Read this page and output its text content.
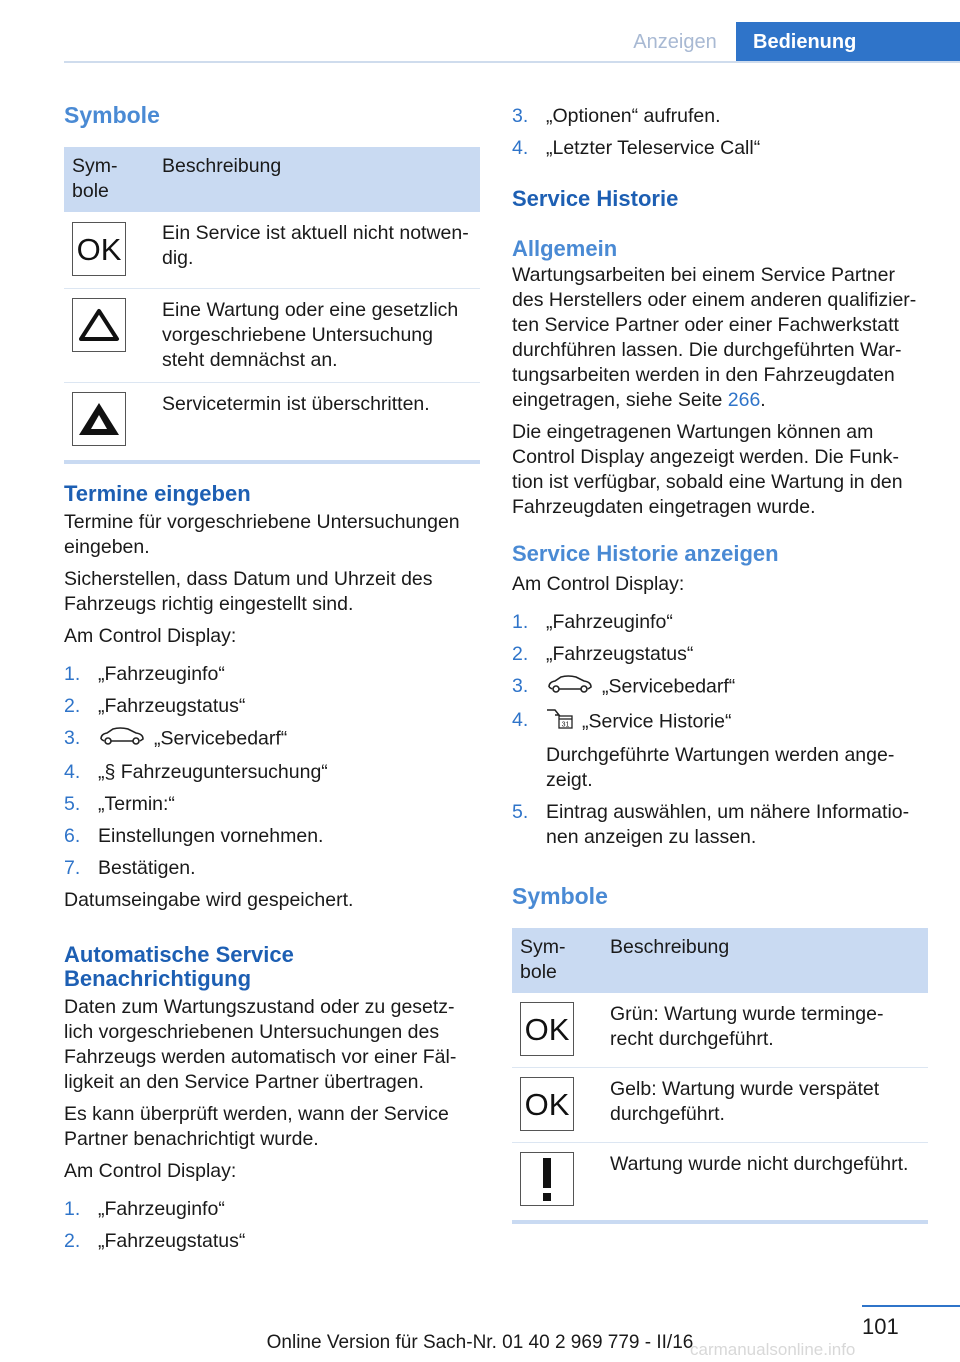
Anzeigen	Bedienung
Symbole
Sym-
bole	Beschreibung

OK	Ein Service ist aktuell nicht notwen-dig.

	Eine Wartung oder eine gesetzlich vorgeschriebene Untersuchung steht demnächst an.

	Servicetermin ist überschritten.
Termine eingeben

Termine für vorgeschriebene Untersuchungen eingeben.

Sicherstellen, dass Datum und Uhrzeit des Fahrzeugs richtig eingestellt sind.

Am Control Display:

1. „Fahrzeuginfo“
2. „Fahrzeugstatus“
3.	„Servicebedarf“
4. „§ Fahrzeuguntersuchung“
5. „Termin:“
6. Einstellungen vornehmen.
7. Bestätigen.

Datumseingabe wird gespeichert.

Automatische Service Benachrichtigung

Daten zum Wartungszustand oder zu gesetz-lich vorgeschriebenen Untersuchungen des Fahrzeugs werden automatisch vor einer Fäl-ligkeit an den Service Partner übertragen.

Es kann überprüft werden, wann der Service Partner benachrichtigt wurde.

Am Control Display:

1. „Fahrzeuginfo“
2. „Fahrzeugstatus“
3. „Optionen“ aufrufen.
4. „Letzter Teleservice Call“
Service Historie
Allgemein

Wartungsarbeiten bei einem Service Partner des Herstellers oder einem anderen qualifizier-ten Service Partner oder einer Fachwerkstatt durchführen lassen. Die durchgeführten War-tungsarbeiten werden in den Fahrzeugdaten eingetragen, siehe Seite 266.

Die eingetragenen Wartungen können am Control Display angezeigt werden. Die Funk-tion ist verfügbar, sobald eine Wartung in den Fahrzeugdaten eingetragen wurde.

Service Historie anzeigen

Am Control Display:

1. „Fahrzeuginfo“
2. „Fahrzeugstatus“
3.	„Servicebedarf“
4.	31 „Service Historie“
Durchgeführte Wartungen werden ange-zeigt.
5. Eintrag auswählen, um nähere Informatio-nen anzeigen zu lassen.
Symbole
Sym-
bole	Beschreibung

OK	Grün: Wartung wurde terminge-recht durchgeführt.

OK	Gelb: Wartung wurde verspätet durchgeführt.

	Wartung wurde nicht durchgeführt.
101
Online Version für Sach-Nr. 01 40 2 969 779 - II/16
carmanualsonline.info
